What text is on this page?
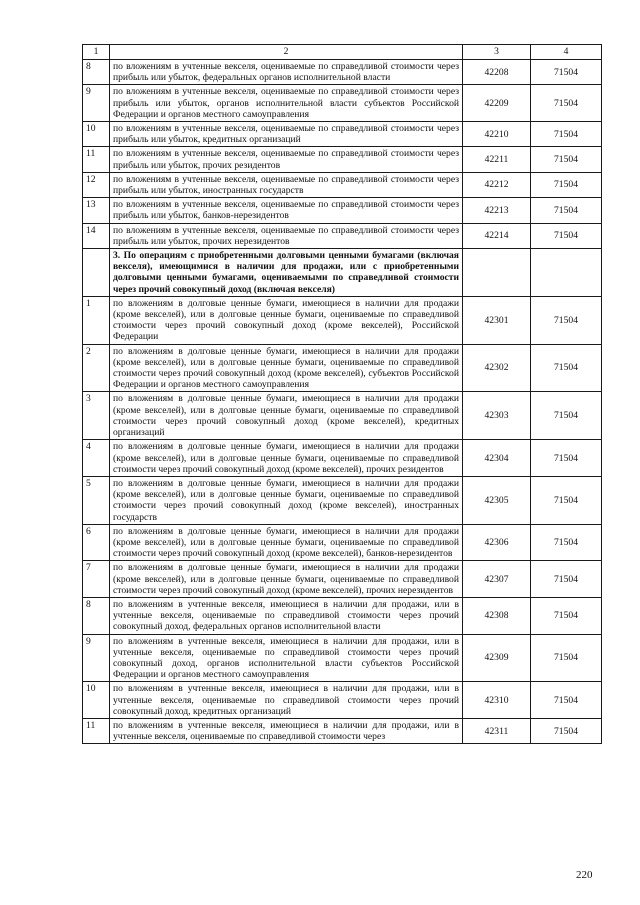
1	2	3	4
8	по вложениям в учтенные векселя, оцениваемые по справедливой стоимости через прибыль или убыток, федеральных органов исполнительной власти	42208	71504
9	по вложениям в учтенные векселя, оцениваемые по справедливой стоимости через прибыль или убыток, органов исполнительной власти субъектов Российской Федерации и органов местного самоуправления	42209	71504
10	по вложениям в учтенные векселя, оцениваемые по справедливой стоимости через прибыль или убыток, кредитных организаций	42210	71504
11	по вложениям в учтенные векселя, оцениваемые по справедливой стоимости через прибыль или убыток, прочих резидентов	42211	71504
12	по вложениям в учтенные векселя, оцениваемые по справедливой стоимости через прибыль или убыток, иностранных государств	42212	71504
13	по вложениям в учтенные векселя, оцениваемые по справедливой стоимости через прибыль или убыток, банков-нерезидентов	42213	71504
14	по вложениям в учтенные векселя, оцениваемые по справедливой стоимости через прибыль или убыток, прочих нерезидентов	42214	71504
	3. По операциям с приобретенными долговыми ценными бумагами (включая векселя), имеющимися в наличии для продажи, или с приобретенными долговыми ценными бумагами, оцениваемыми по справедливой стоимости через прочий совокупный доход (включая векселя)		
1	по вложениям в долговые ценные бумаги, имеющиеся в наличии для продажи (кроме векселей), или в долговые ценные бумаги, оцениваемые по справедливой стоимости через прочий совокупный доход (кроме векселей), Российской Федерации	42301	71504
2	по вложениям в долговые ценные бумаги, имеющиеся в наличии для продажи (кроме векселей), или в долговые ценные бумаги, оцениваемые по справедливой стоимости через прочий совокупный доход (кроме векселей), субъектов Российской Федерации и органов местного самоуправления	42302	71504
3	по вложениям в долговые ценные бумаги, имеющиеся в наличии для продажи (кроме векселей), или в долговые ценные бумаги, оцениваемые по справедливой стоимости через прочий совокупный доход (кроме векселей), кредитных организаций	42303	71504
4	по вложениям в долговые ценные бумаги, имеющиеся в наличии для продажи (кроме векселей), или в долговые ценные бумаги, оцениваемые по справедливой стоимости через прочий совокупный доход (кроме векселей), прочих резидентов	42304	71504
5	по вложениям в долговые ценные бумаги, имеющиеся в наличии для продажи (кроме векселей), или в долговые ценные бумаги, оцениваемые по справедливой стоимости через прочий совокупный доход (кроме векселей), иностранных государств	42305	71504
6	по вложениям в долговые ценные бумаги, имеющиеся в наличии для продажи (кроме векселей), или в долговые ценные бумаги, оцениваемые по справедливой стоимости через прочий совокупный доход (кроме векселей), банков-нерезидентов	42306	71504
7	по вложениям в долговые ценные бумаги, имеющиеся в наличии для продажи (кроме векселей), или в долговые ценные бумаги, оцениваемые по справедливой стоимости через прочий совокупный доход (кроме векселей), прочих нерезидентов	42307	71504
8	по вложениям в учтенные векселя, имеющиеся в наличии для продажи, или в учтенные векселя, оцениваемые по справедливой стоимости через прочий совокупный доход, федеральных органов исполнительной власти	42308	71504
9	по вложениям в учтенные векселя, имеющиеся в наличии для продажи, или в учтенные векселя, оцениваемые по справедливой стоимости через прочий совокупный доход, органов исполнительной власти субъектов Российской Федерации и органов местного самоуправления	42309	71504
10	по вложениям в учтенные векселя, имеющиеся в наличии для продажи, или в учтенные векселя, оцениваемые по справедливой стоимости через прочий совокупный доход, кредитных организаций	42310	71504
11	по вложениям в учтенные векселя, имеющиеся в наличии для продажи, или в учтенные векселя, оцениваемые по справедливой стоимости через	42311	71504
220
